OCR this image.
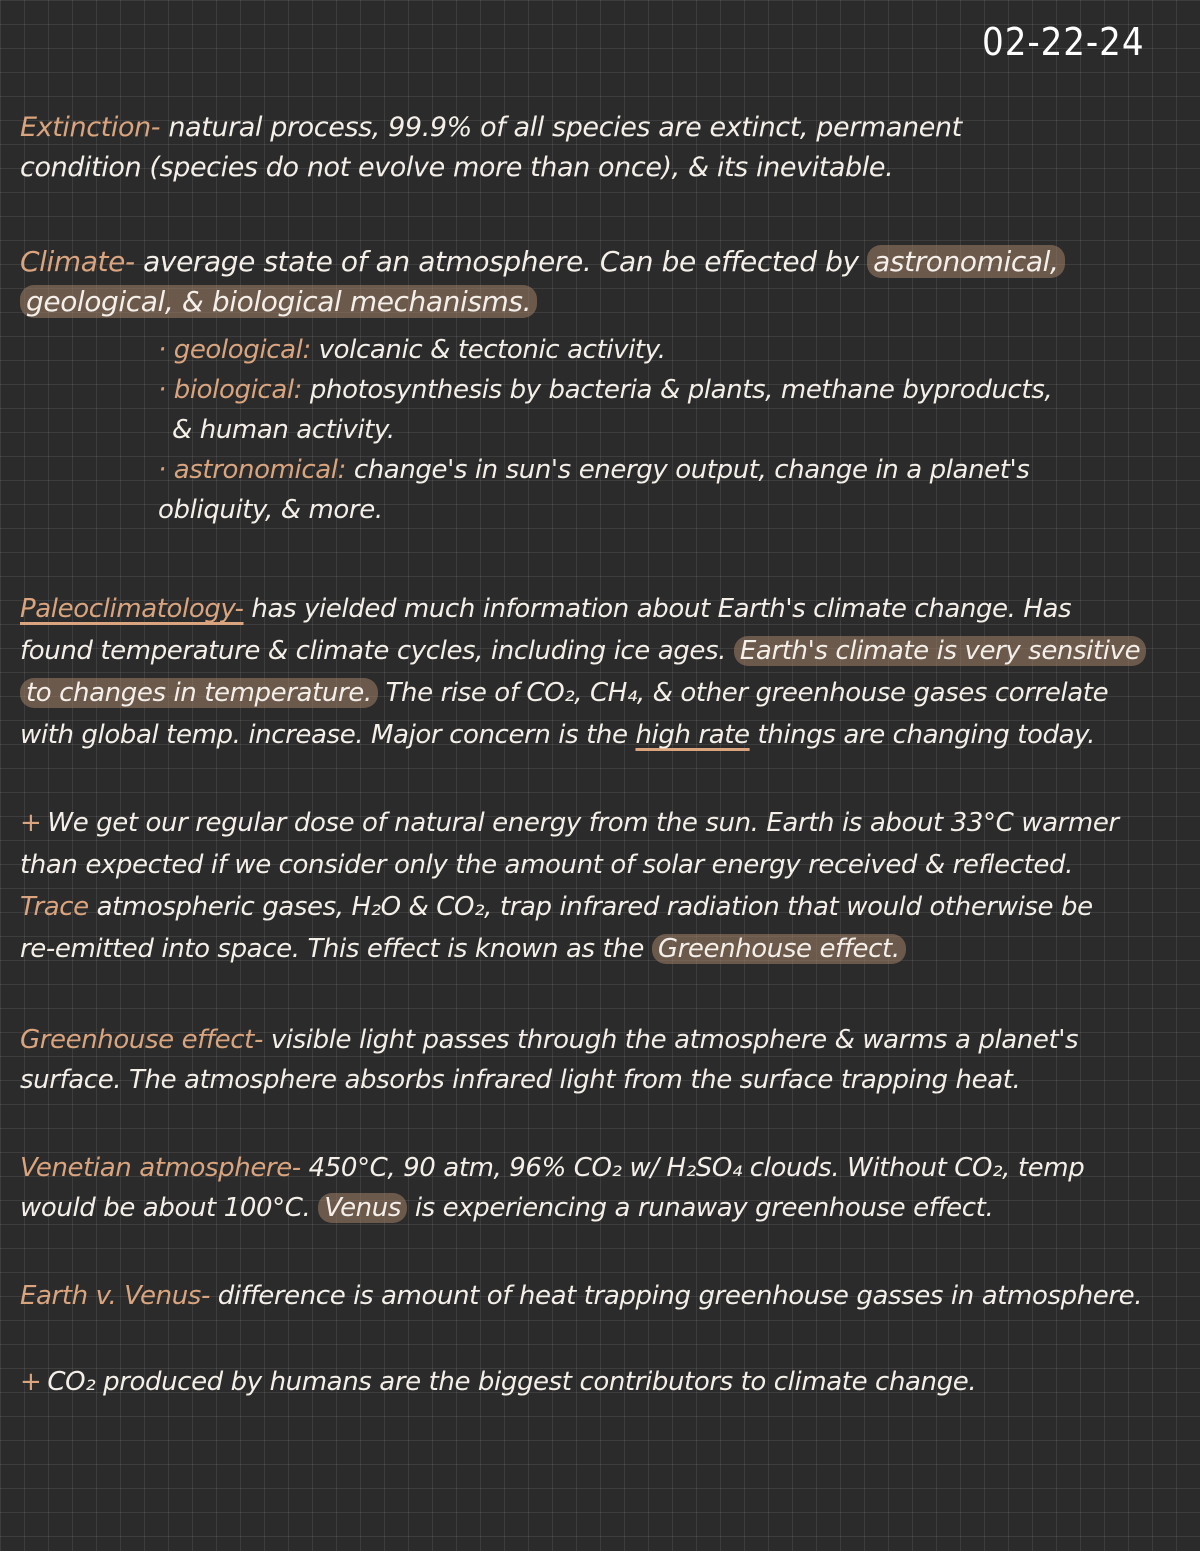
02-22-24
Extinction- natural process, 99.9% of all species are extinct, permanent
condition (species do not evolve more than once), & its inevitable.
Climate- average state of an atmosphere. Can be effected by astronomical,
geological, & biological mechanisms.
· geological: volcanic & tectonic activity.
· biological: photosynthesis by bacteria & plants, methane byproducts,
& human activity.
· astronomical: change's in sun's energy output, change in a planet's
obliquity, & more.
Paleoclimatology- has yielded much information about Earth's climate change. Has
found temperature & climate cycles, including ice ages. Earth's climate is very sensitive
to changes in temperature. The rise of CO₂, CH₄, & other greenhouse gases correlate
with global temp. increase. Major concern is the high rate things are changing today.
+ We get our regular dose of natural energy from the sun. Earth is about 33°C warmer
than expected if we consider only the amount of solar energy received & reflected.
Trace atmospheric gases, H₂O & CO₂, trap infrared radiation that would otherwise be
re-emitted into space. This effect is known as the Greenhouse effect.
Greenhouse effect- visible light passes through the atmosphere & warms a planet's
surface. The atmosphere absorbs infrared light from the surface trapping heat.
Venetian atmosphere- 450°C, 90 atm, 96% CO₂ w/ H₂SO₄ clouds. Without CO₂, temp
would be about 100°C. Venus is experiencing a runaway greenhouse effect.
Earth v. Venus- difference is amount of heat trapping greenhouse gasses in atmosphere.
+ CO₂ produced by humans are the biggest contributors to climate change.
